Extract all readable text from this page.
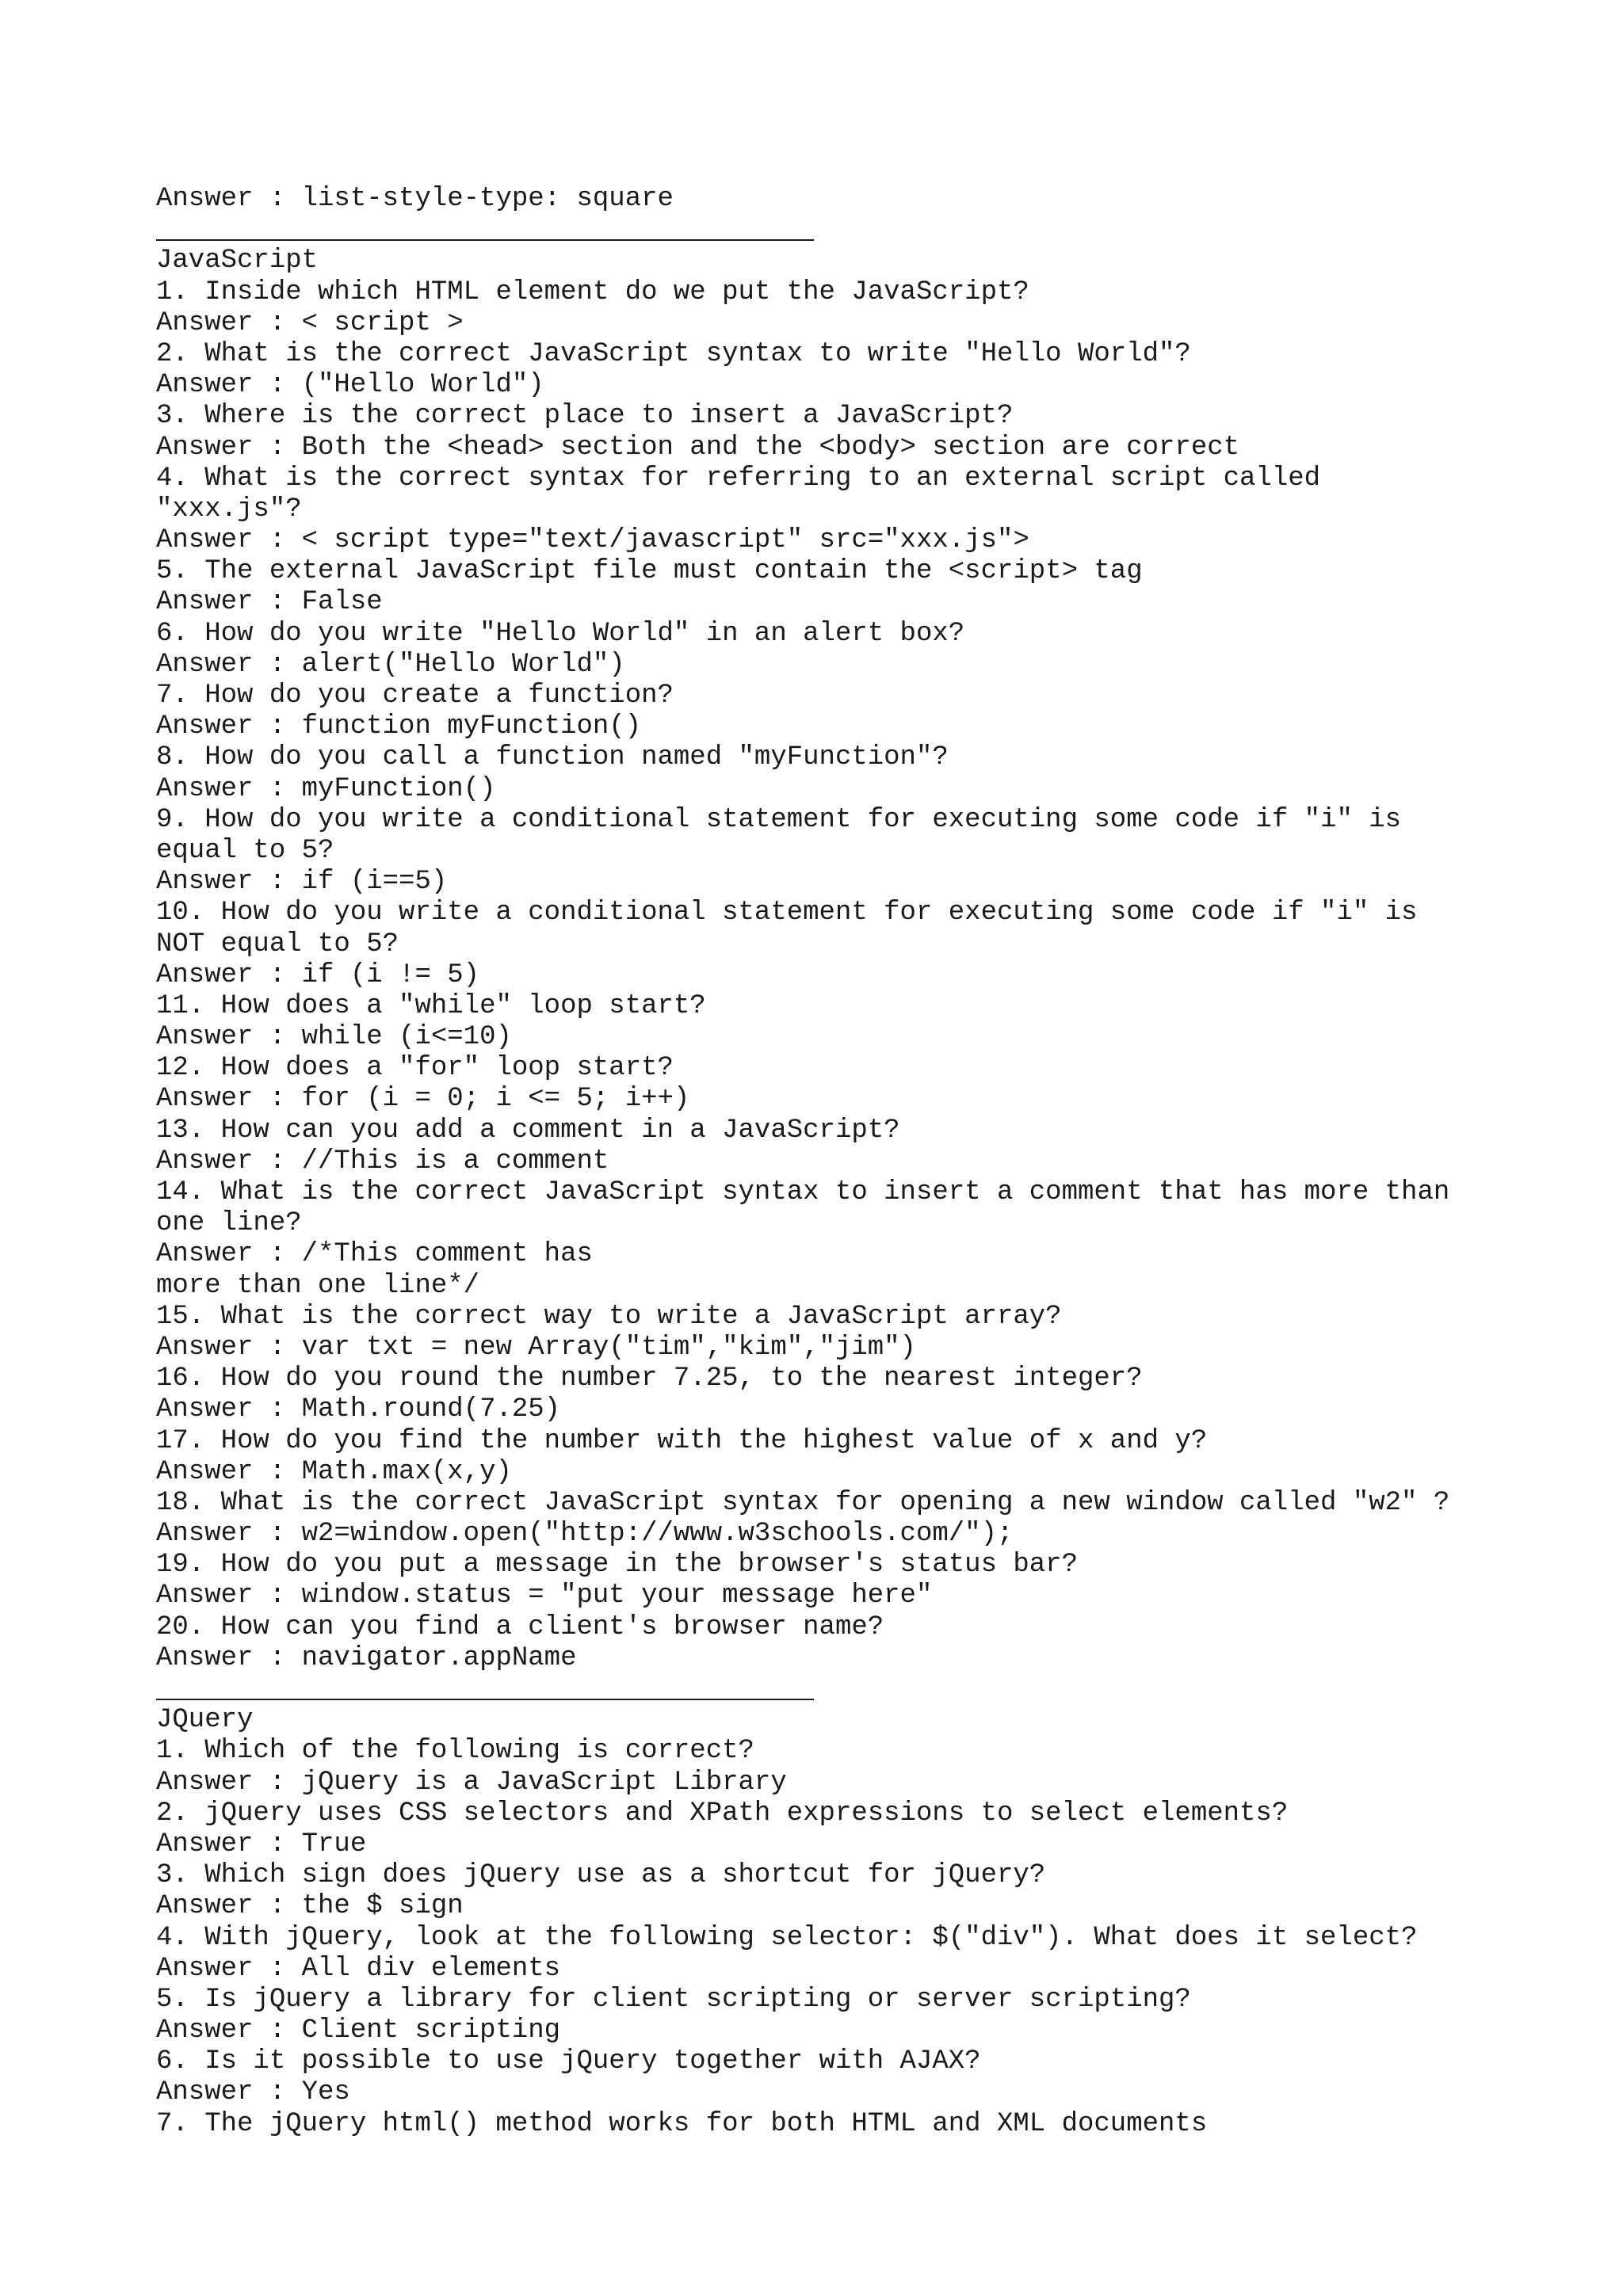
Answer : list-style-type: square
JavaScript
1. Inside which HTML element do we put the JavaScript?
Answer : < script >
2. What is the correct JavaScript syntax to write "Hello World"?
Answer : ("Hello World")
3. Where is the correct place to insert a JavaScript?
Answer : Both the <head> section and the <body> section are correct
4. What is the correct syntax for referring to an external script called
"xxx.js"?
Answer : < script type="text/javascript" src="xxx.js">
5. The external JavaScript file must contain the <script> tag
Answer : False
6. How do you write "Hello World" in an alert box?
Answer : alert("Hello World")
7. How do you create a function?
Answer : function myFunction()
8. How do you call a function named "myFunction"?
Answer : myFunction()
9. How do you write a conditional statement for executing some code if "i" is
equal to 5?
Answer : if (i==5)
10. How do you write a conditional statement for executing some code if "i" is
NOT equal to 5?
Answer : if (i != 5)
11. How does a "while" loop start?
Answer : while (i<=10)
12. How does a "for" loop start?
Answer : for (i = 0; i <= 5; i++)
13. How can you add a comment in a JavaScript?
Answer : //This is a comment
14. What is the correct JavaScript syntax to insert a comment that has more than
one line?
Answer : /*This comment has
more than one line*/
15. What is the correct way to write a JavaScript array?
Answer : var txt = new Array("tim","kim","jim")
16. How do you round the number 7.25, to the nearest integer?
Answer : Math.round(7.25)
17. How do you find the number with the highest value of x and y?
Answer : Math.max(x,y)
18. What is the correct JavaScript syntax for opening a new window called "w2" ?
Answer : w2=window.open("http://www.w3schools.com/");
19. How do you put a message in the browser's status bar?
Answer : window.status = "put your message here"
20. How can you find a client's browser name?
Answer : navigator.appName
JQuery
1. Which of the following is correct?
Answer : jQuery is a JavaScript Library
2. jQuery uses CSS selectors and XPath expressions to select elements?
Answer : True
3. Which sign does jQuery use as a shortcut for jQuery?
Answer : the $ sign
4. With jQuery, look at the following selector: $("div"). What does it select?
Answer : All div elements
5. Is jQuery a library for client scripting or server scripting?
Answer : Client scripting
6. Is it possible to use jQuery together with AJAX?
Answer : Yes
7. The jQuery html() method works for both HTML and XML documents
